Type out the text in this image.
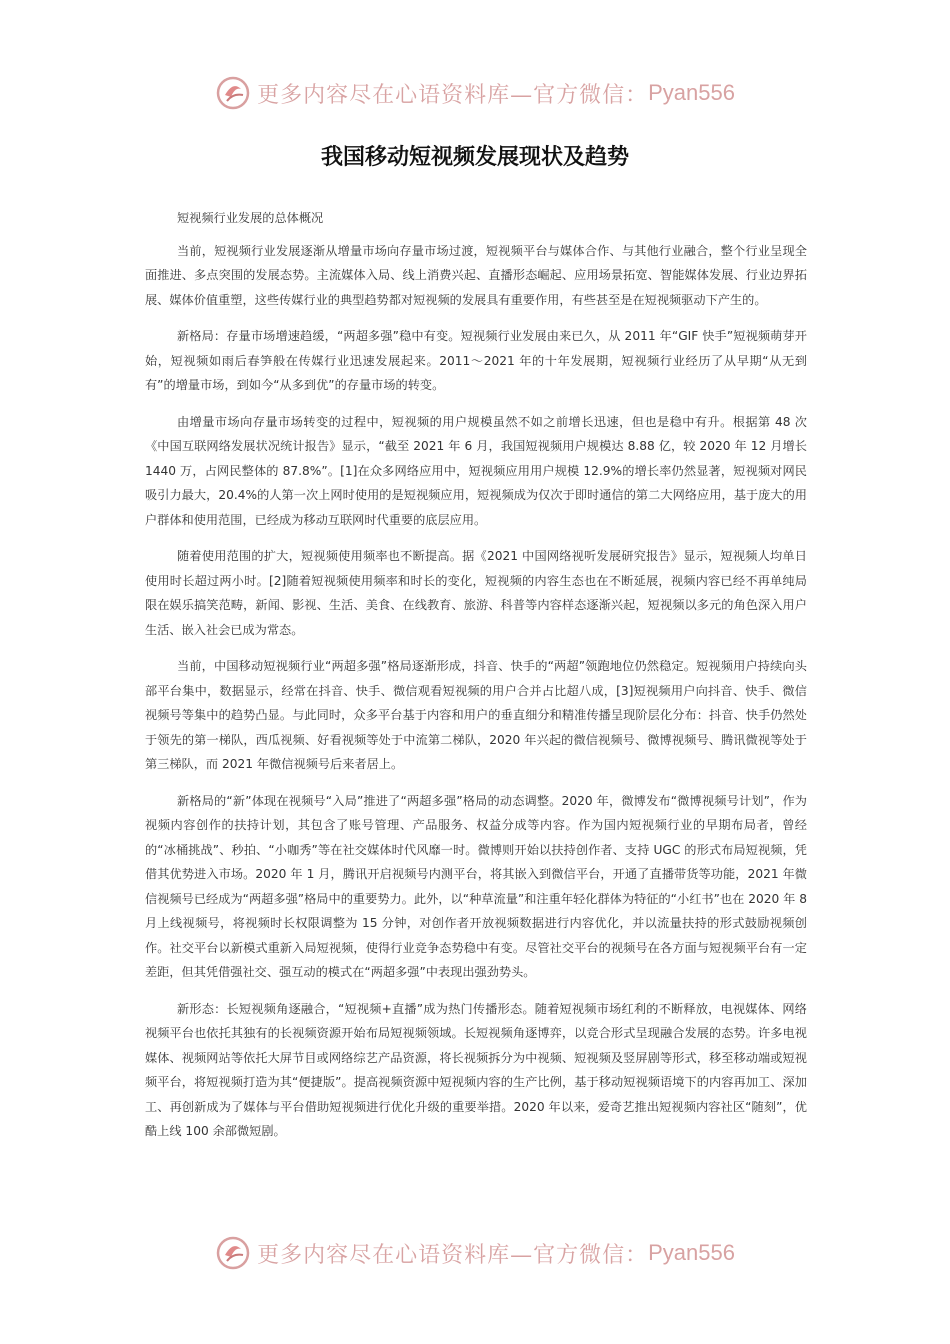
更多内容尽在心语资料库—官方微信： Pyan556
我国移动短视频发展现状及趋势

短视频行业发展的总体概况

当前，短视频行业发展逐渐从增量市场向存量市场过渡，短视频平台与媒体合作、与其他行业融合，整个行业呈现全面推进、多点突围的发展态势。主流媒体入局、线上消费兴起、直播形态崛起、应用场景拓宽、智能媒体发展、行业边界拓展、媒体价值重塑，这些传媒行业的典型趋势都对短视频的发展具有重要作用，有些甚至是在短视频驱动下产生的。

新格局：存量市场增速趋缓，“两超多强”稳中有变。短视频行业发展由来已久，从 2011 年“GIF 快手”短视频萌芽开始，短视频如雨后春笋般在传媒行业迅速发展起来。2011～2021 年的十年发展期，短视频行业经历了从早期“从无到有”的增量市场，到如今“从多到优”的存量市场的转变。

由增量市场向存量市场转变的过程中，短视频的用户规模虽然不如之前增长迅速，但也是稳中有升。根据第 48 次《中国互联网络发展状况统计报告》显示，“截至 2021 年 6 月，我国短视频用户规模达 8.88 亿，较 2020 年 12 月增长 1440 万，占网民整体的 87.8%”。[1]在众多网络应用中，短视频应用用户规模 12.9%的增长率仍然显著，短视频对网民吸引力最大，20.4%的人第一次上网时使用的是短视频应用，短视频成为仅次于即时通信的第二大网络应用，基于庞大的用户群体和使用范围，已经成为移动互联网时代重要的底层应用。

随着使用范围的扩大，短视频使用频率也不断提高。据《2021 中国网络视听发展研究报告》显示，短视频人均单日使用时长超过两小时。[2]随着短视频使用频率和时长的变化，短视频的内容生态也在不断延展，视频内容已经不再单纯局限在娱乐搞笑范畴，新闻、影视、生活、美食、在线教育、旅游、科普等内容样态逐渐兴起，短视频以多元的角色深入用户生活、嵌入社会已成为常态。

当前，中国移动短视频行业“两超多强”格局逐渐形成，抖音、快手的“两超”领跑地位仍然稳定。短视频用户持续向头部平台集中，数据显示，经常在抖音、快手、微信观看短视频的用户合并占比超八成，[3]短视频用户向抖音、快手、微信视频号等集中的趋势凸显。与此同时，众多平台基于内容和用户的垂直细分和精准传播呈现阶层化分布：抖音、快手仍然处于领先的第一梯队，西瓜视频、好看视频等处于中流第二梯队，2020 年兴起的微信视频号、微博视频号、腾讯微视等处于第三梯队，而 2021 年微信视频号后来者居上。

新格局的“新”体现在视频号“入局”推进了“两超多强”格局的动态调整。2020 年，微博发布“微博视频号计划”，作为视频内容创作的扶持计划，其包含了账号管理、产品服务、权益分成等内容。作为国内短视频行业的早期布局者，曾经的“冰桶挑战”、秒拍、“小咖秀”等在社交媒体时代风靡一时。微博则开始以扶持创作者、支持 UGC 的形式布局短视频，凭借其优势进入市场。2020 年 1 月，腾讯开启视频号内测平台，将其嵌入到微信平台，开通了直播带货等功能，2021 年微信视频号已经成为“两超多强”格局中的重要势力。此外，以“种草流量”和注重年轻化群体为特征的“小红书”也在 2020 年 8 月上线视频号，将视频时长权限调整为 15 分钟，对创作者开放视频数据进行内容优化，并以流量扶持的形式鼓励视频创作。社交平台以新模式重新入局短视频，使得行业竞争态势稳中有变。尽管社交平台的视频号在各方面与短视频平台有一定差距，但其凭借强社交、强互动的模式在“两超多强”中表现出强劲势头。

新形态：长短视频角逐融合，“短视频+直播”成为热门传播形态。随着短视频市场红利的不断释放，电视媒体、网络视频平台也依托其独有的长视频资源开始布局短视频领域。长短视频角逐博弈，以竞合形式呈现融合发展的态势。许多电视媒体、视频网站等依托大屏节目或网络综艺产品资源，将长视频拆分为中视频、短视频及竖屏剧等形式，移至移动端或短视频平台，将短视频打造为其“便捷版”。提高视频资源中短视频内容的生产比例，基于移动短视频语境下的内容再加工、深加工、再创新成为了媒体与平台借助短视频进行优化升级的重要举措。2020 年以来，爱奇艺推出短视频内容社区“随刻”，优酷上线 100 余部微短剧。

更多内容尽在心语资料库—官方微信： Pyan556
